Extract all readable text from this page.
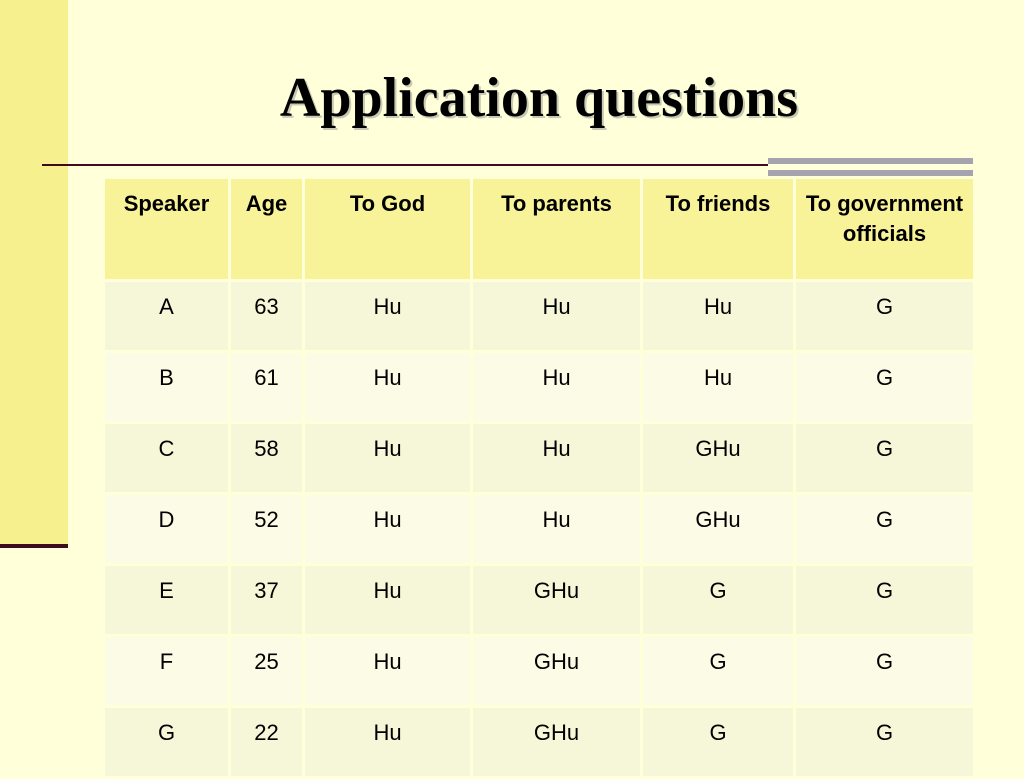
Application questions
Speaker	Age	To God	To parents	To friends	To government officials
A	63	Hu	Hu	Hu	G
B	61	Hu	Hu	Hu	G
C	58	Hu	Hu	GHu	G
D	52	Hu	Hu	GHu	G
E	37	Hu	GHu	G	G
F	25	Hu	GHu	G	G
G	22	Hu	GHu	G	G
